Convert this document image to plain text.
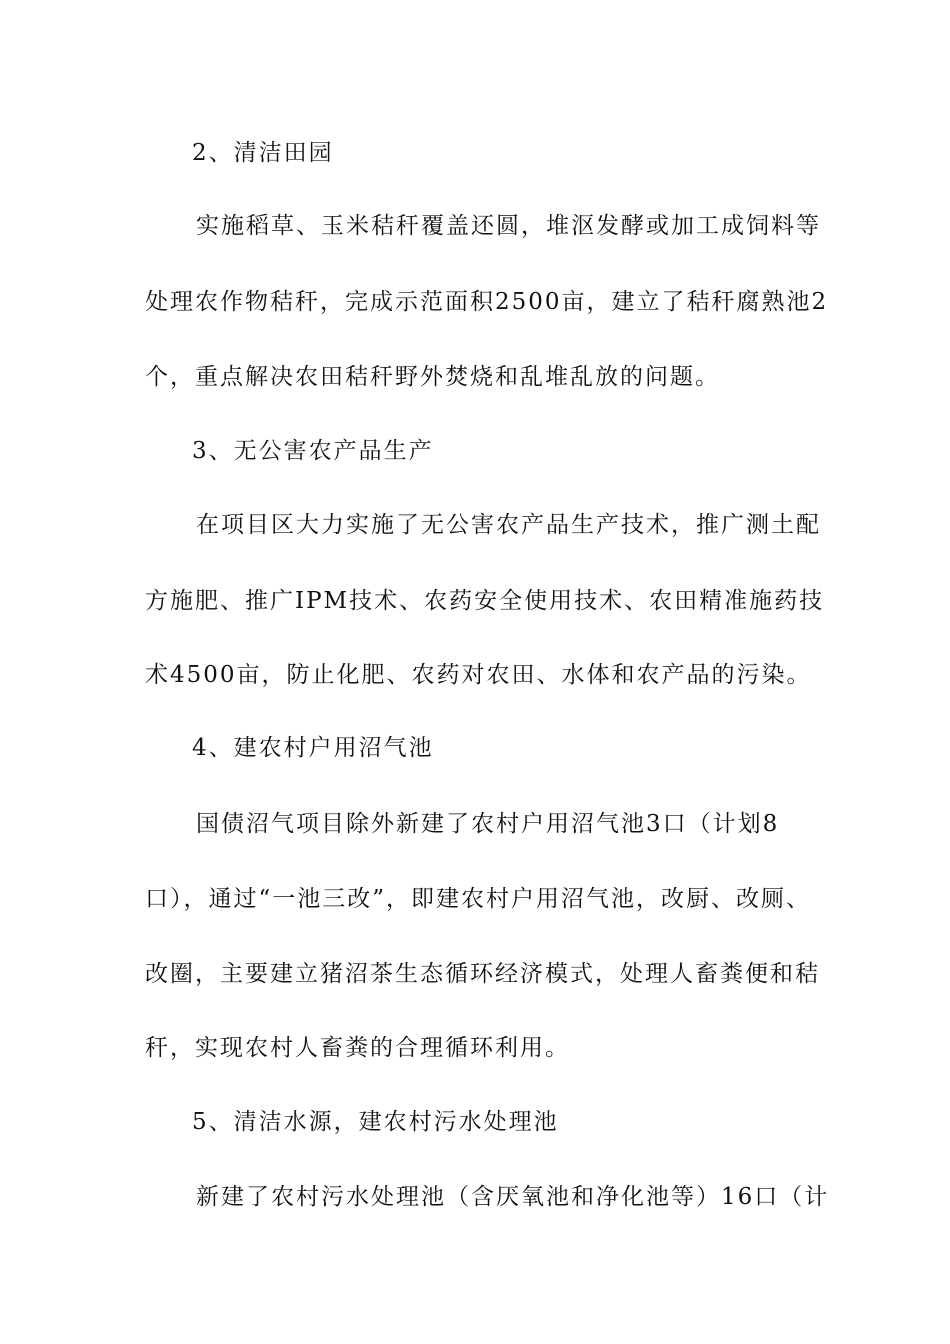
2、清洁田园
实施稻草、玉米秸秆覆盖还圆，堆沤发酵或加工成饲料等
处理农作物秸秆，完成示范面积2500亩，建立了秸秆腐熟池2
个，重点解决农田秸秆野外焚烧和乱堆乱放的问题。
3、无公害农产品生产
在项目区大力实施了无公害农产品生产技术，推广测土配
方施肥、推广IPM技术、农药安全使用技术、农田精准施药技
术4500亩，防止化肥、农药对农田、水体和农产品的污染。
4、建农村户用沼气池
国债沼气项目除外新建了农村户用沼气池3口（计划8
口），通过“一池三改”，即建农村户用沼气池，改厨、改厕、
改圈，主要建立猪沼茶生态循环经济模式，处理人畜粪便和秸
秆，实现农村人畜粪的合理循环利用。
5、清洁水源，建农村污水处理池
新建了农村污水处理池（含厌氧池和净化池等）16口（计
